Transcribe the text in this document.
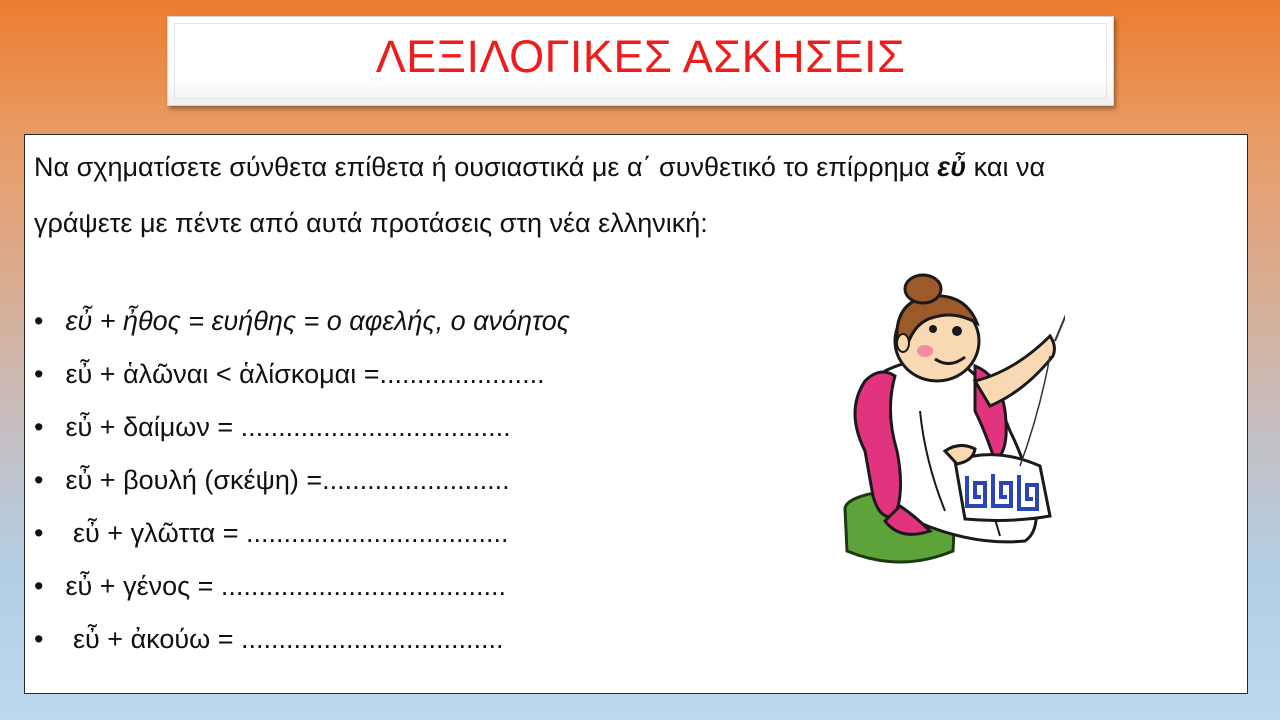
ΛΕΞΙΛΟΓΙΚΕΣ ΑΣΚΗΣΕΙΣ
Να σχηματίσετε σύνθετα επίθετα ή ουσιαστικά με α΄ συνθετικό το επίρρημα εὖ και να γράψετε με πέντε από αυτά προτάσεις στη νέα ελληνική:
• εὖ + ἦθος = ευήθης = ο αφελής, ο ανόητος
• εὖ + ἁλῶναι < ἁλίσκομαι =......................
• εὖ + δαίμων = ....................................
• εὖ + βουλή (σκέψη) =.........................
•  εὖ + γλῶττα = ...................................
• εὖ + γένος = ......................................
•  εὖ + ἀκούω = ...................................
